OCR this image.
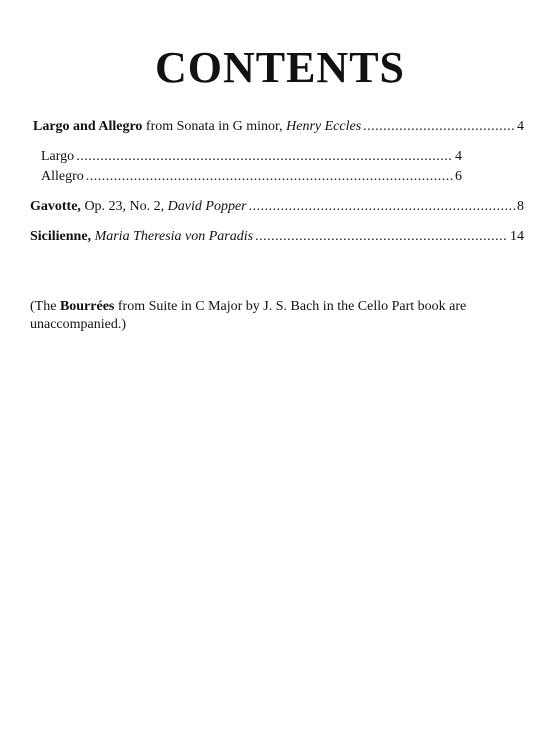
CONTENTS
Largo and Allegro from Sonata in G minor, Henry Eccles .....	4
Largo .....	4
Allegro .....	6
Gavotte, Op. 23, No. 2, David Popper .....	8
Sicilienne, Maria Theresia von Paradis .....	14
(The Bourrées from Suite in C Major by J. S. Bach in the Cello Part book are unaccompanied.)
